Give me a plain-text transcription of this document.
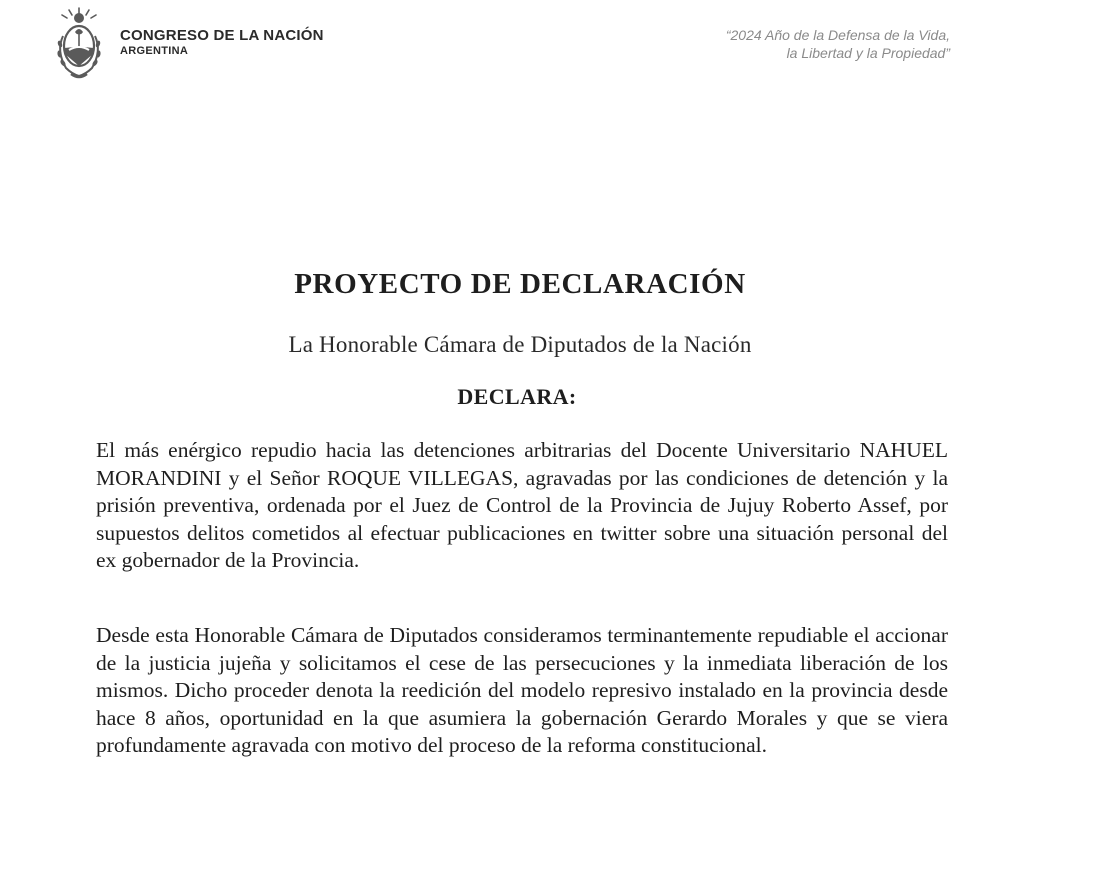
CONGRESO DE LA NACIÓN
ARGENTINA
“2024 Año de la Defensa de la Vida,
la Libertad y la Propiedad”
PROYECTO DE DECLARACIÓN
La Honorable Cámara de Diputados de la Nación
DECLARA:

El más enérgico repudio hacia las detenciones arbitrarias del Docente Universitario NAHUEL MORANDINI y el Señor ROQUE VILLEGAS, agravadas por las condiciones de detención y la prisión preventiva, ordenada por el Juez de Control de la Provincia de Jujuy Roberto Assef, por supuestos delitos cometidos al efectuar publicaciones en twitter sobre una situación personal del ex gobernador de la Provincia.

Desde esta Honorable Cámara de Diputados consideramos terminantemente repudiable el accionar de la justicia jujeña y solicitamos el cese de las persecuciones y la inmediata liberación de los mismos. Dicho proceder denota la reedición del modelo represivo instalado en la provincia desde hace 8 años, oportunidad en la que asumiera la gobernación Gerardo Morales y que se viera profundamente agravada con motivo del proceso de la reforma constitucional.
